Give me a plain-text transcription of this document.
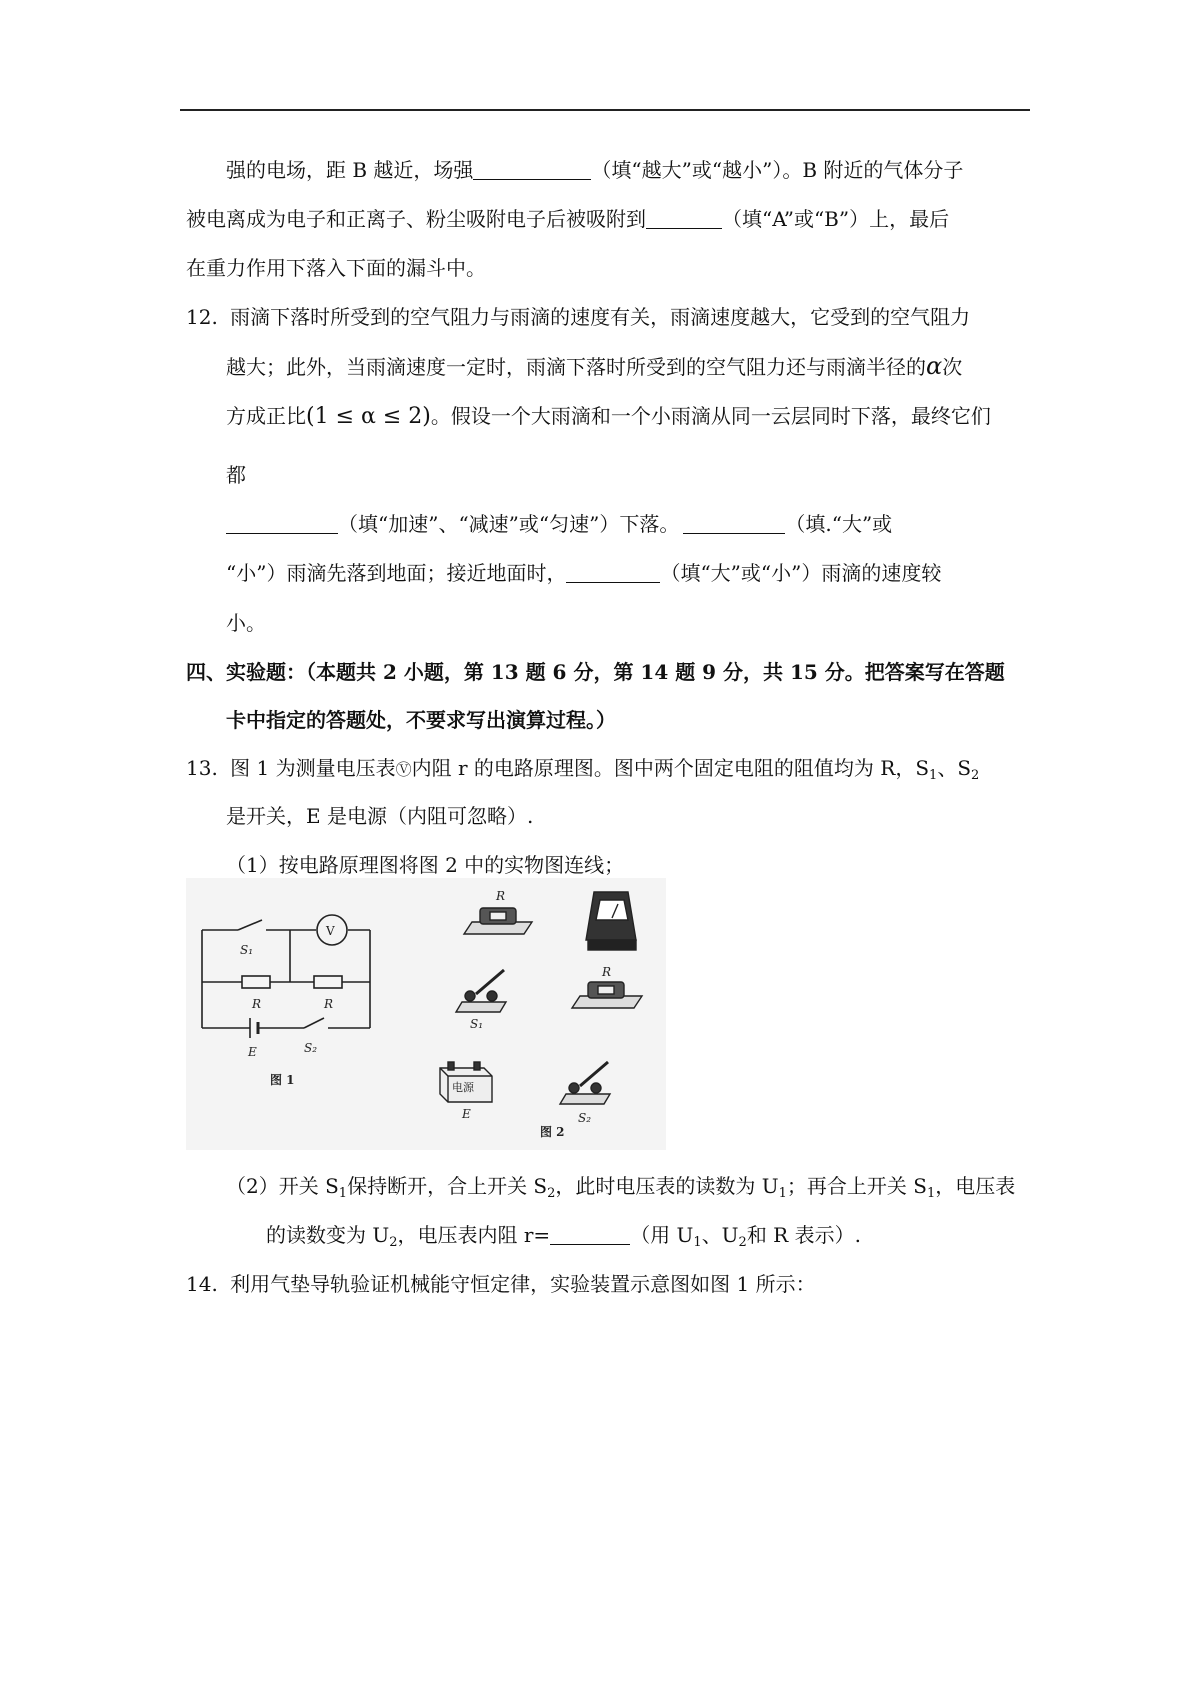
强的电场，距 B 越近，场强	（填“越大”或“越小”）。B 附近的气体分子
被电离成为电子和正离子、粉尘吸附电子后被吸附到	（填“A”或“B”）上，最后
在重力作用下落入下面的漏斗中。
12. 雨滴下落时所受到的空气阻力与雨滴的速度有关，雨滴速度越大，它受到的空气阻力
越大；此外，当雨滴速度一定时，雨滴下落时所受到的空气阻力还与雨滴半径的α次
方成正比(1 ≤ α ≤ 2)。假设一个大雨滴和一个小雨滴从同一云层同时下落，最终它们
都
（填“加速”、“减速”或“匀速”）下落。	（填.“大”或
“小”）雨滴先落到地面；接近地面时，	（填“大”或“小”）雨滴的速度较
小。
四、实验题：（本题共 2 小题，第 13 题 6 分，第 14 题 9 分，共 15 分。把答案写在答题
卡中指定的答题处，不要求写出演算过程。）
13. 图 1 为测量电压表Ⓥ内阻 r 的电路原理图。图中两个固定电阻的阻值均为 R，$S_1$、$S_2$
是开关，E 是电源（内阻可忽略）.
（1）按电路原理图将图 2 中的实物图连线；
V
S₁
R	R
E	S₂
图 1
R
R
S₁
E	S₂
电源
图 2
（2）开关 $S_1$保持断开，合上开关 $S_2$，此时电压表的读数为 $U_1$；再合上开关 $S_1$，电压表
的读数变为 $U_2$，电压表内阻 r=	（用 $U_1$、$U_2$和 R 表示）.
14. 利用气垫导轨验证机械能守恒定律，实验装置示意图如图 1 所示：
